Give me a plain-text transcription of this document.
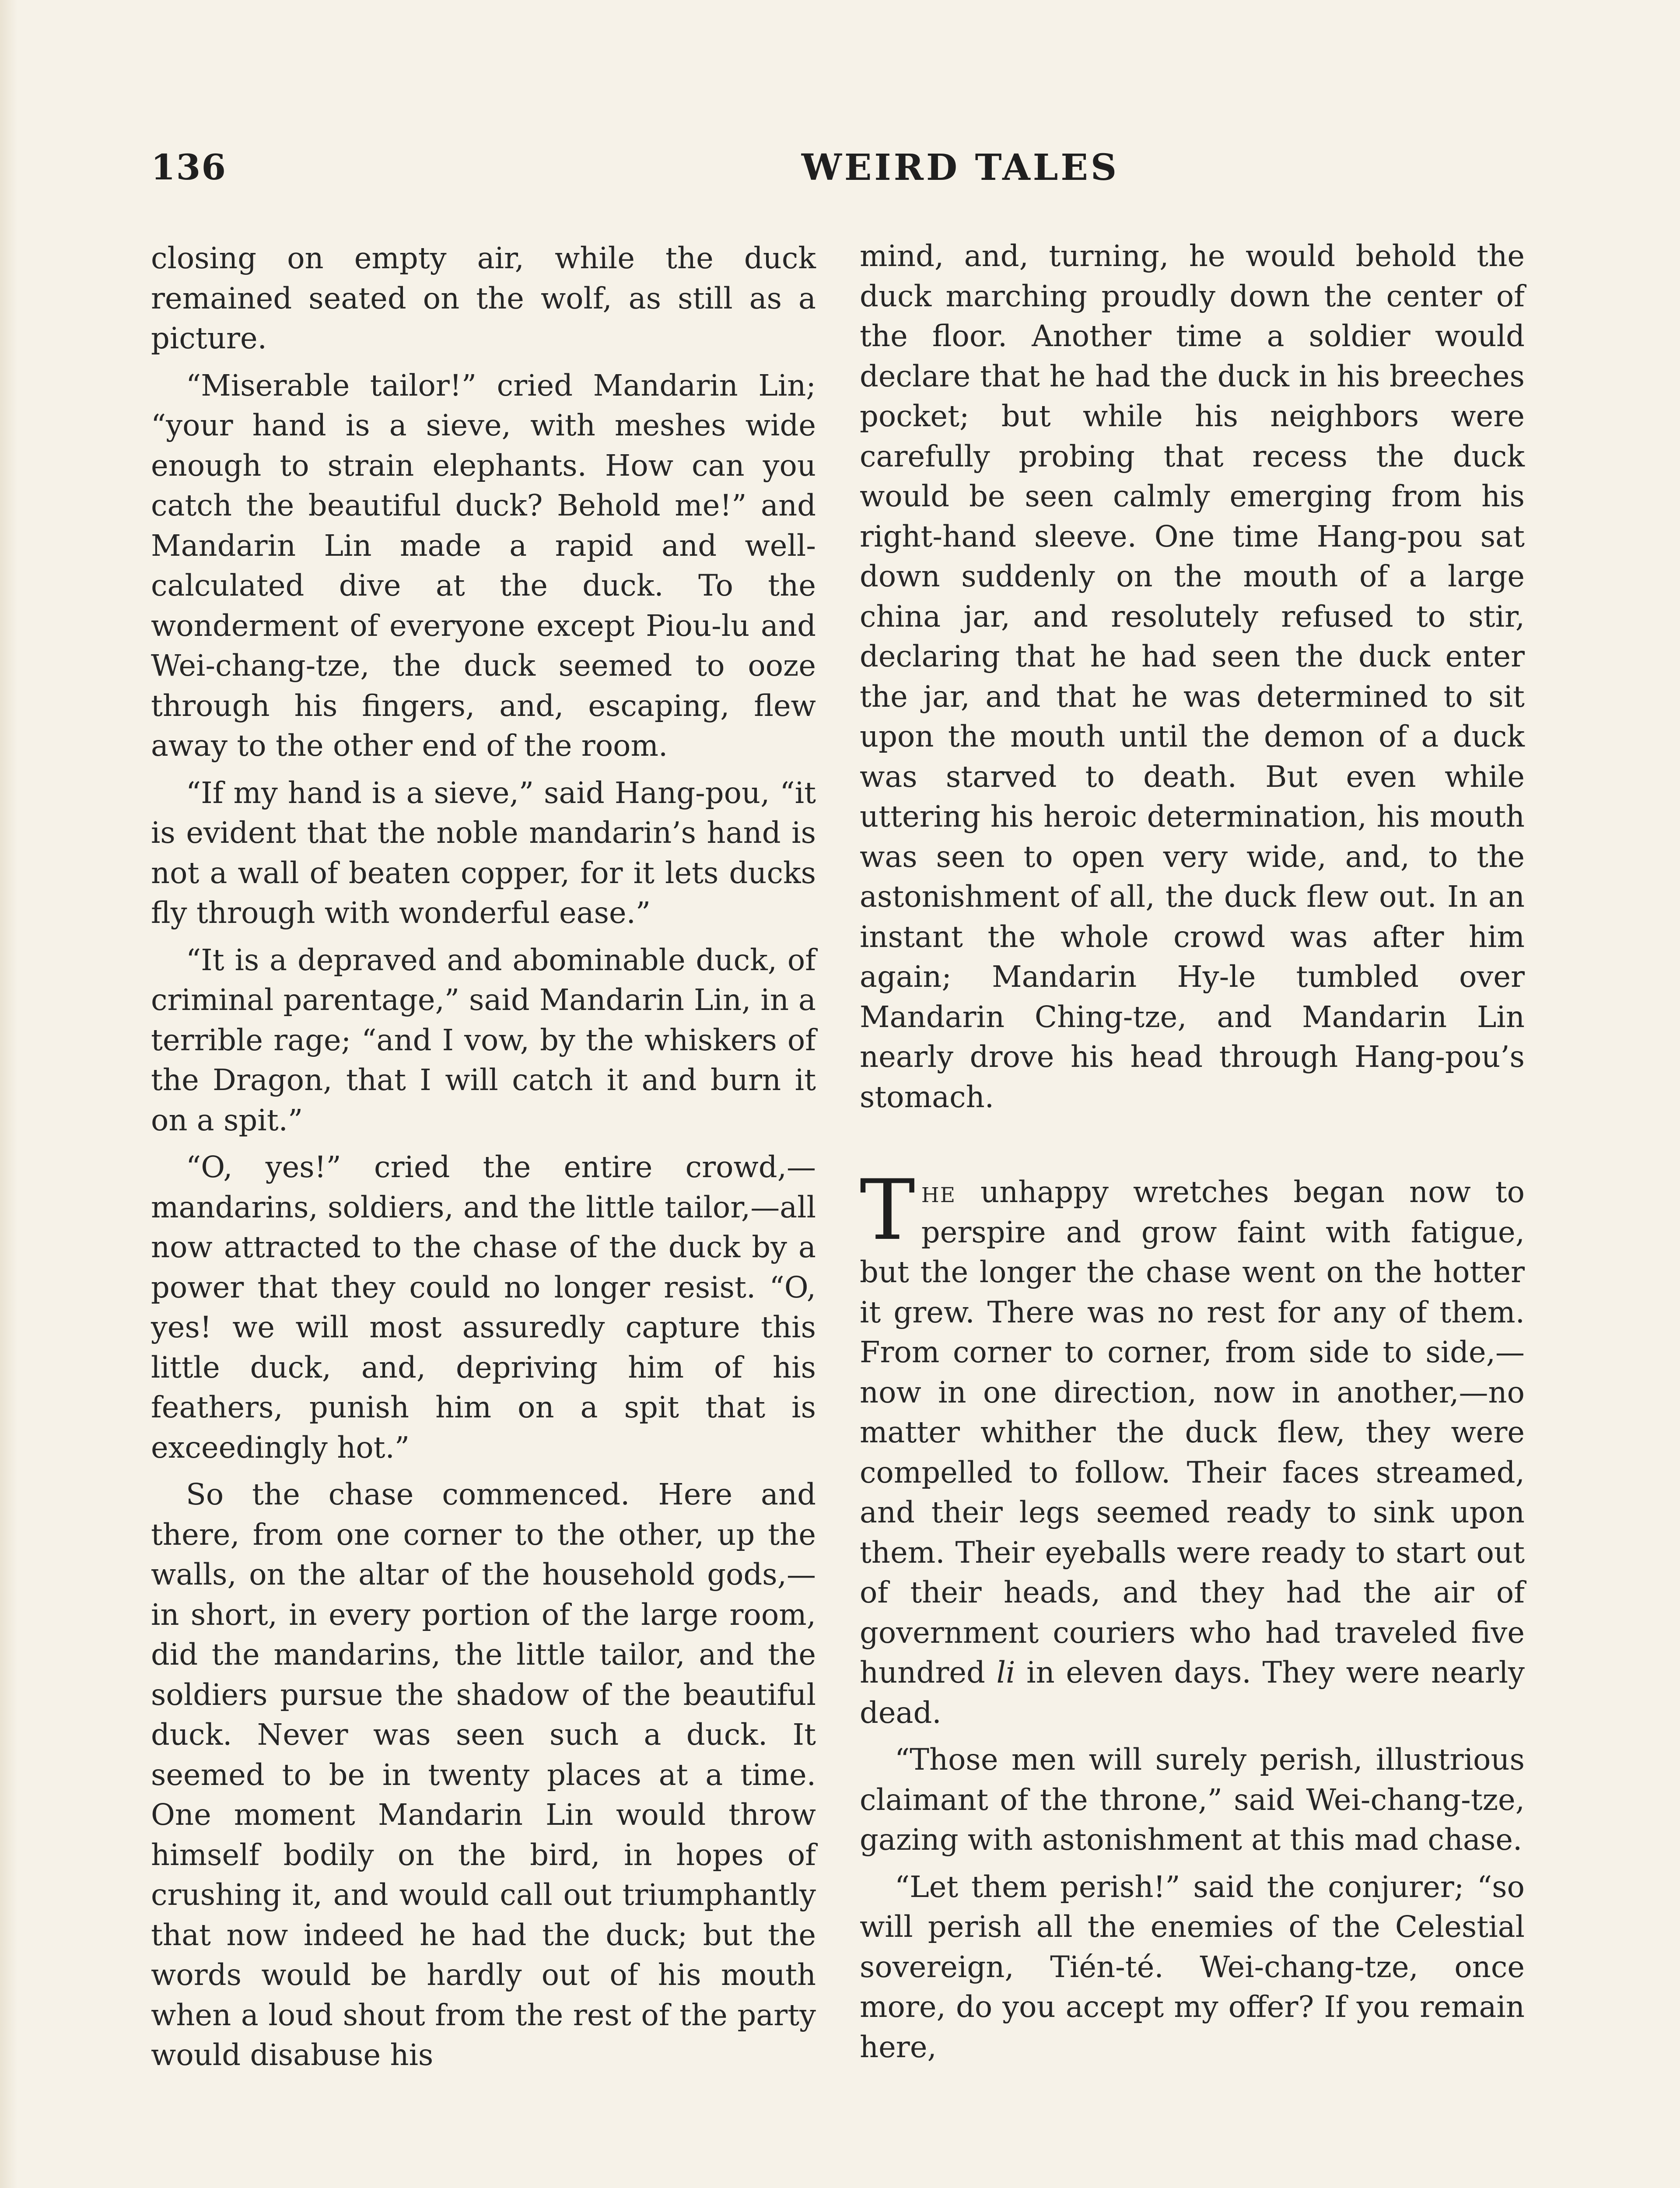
136	WEIRD TALES

closing on empty air, while the duck remained seated on the wolf, as still as a picture.

“Miserable tailor!” cried Mandarin Lin; “your hand is a sieve, with meshes wide enough to strain elephants. How can you catch the beautiful duck? Behold me!” and Mandarin Lin made a rapid and well-calculated dive at the duck. To the wonderment of everyone except Piou-lu and Wei-chang-tze, the duck seemed to ooze through his fingers, and, escaping, flew away to the other end of the room.

“If my hand is a sieve,” said Hang-pou, “it is evident that the noble mandarin’s hand is not a wall of beaten copper, for it lets ducks fly through with wonderful ease.”

“It is a depraved and abominable duck, of criminal parentage,” said Mandarin Lin, in a terrible rage; “and I vow, by the whiskers of the Dragon, that I will catch it and burn it on a spit.”

“O, yes!” cried the entire crowd,—mandarins, soldiers, and the little tailor,—all now attracted to the chase of the duck by a power that they could no longer resist. “O, yes! we will most assuredly capture this little duck, and, depriving him of his feathers, punish him on a spit that is exceedingly hot.”

So the chase commenced. Here and there, from one corner to the other, up the walls, on the altar of the household gods,—in short, in every portion of the large room, did the mandarins, the little tailor, and the soldiers pursue the shadow of the beautiful duck. Never was seen such a duck. It seemed to be in twenty places at a time. One moment Mandarin Lin would throw himself bodily on the bird, in hopes of crushing it, and would call out triumphantly that now indeed he had the duck; but the words would be hardly out of his mouth when a loud shout from the rest of the party would disabuse his

mind, and, turning, he would behold the duck marching proudly down the center of the floor. Another time a soldier would declare that he had the duck in his breeches pocket; but while his neighbors were carefully probing that recess the duck would be seen calmly emerging from his right-hand sleeve. One time Hang-pou sat down suddenly on the mouth of a large china jar, and resolutely refused to stir, declaring that he had seen the duck enter the jar, and that he was determined to sit upon the mouth until the demon of a duck was starved to death. But even while uttering his heroic determination, his mouth was seen to open very wide, and, to the astonishment of all, the duck flew out. In an instant the whole crowd was after him again; Mandarin Hy-le tumbled over Mandarin Ching-tze, and Mandarin Lin nearly drove his head through Hang-pou’s stomach.

The unhappy wretches began now to perspire and grow faint with fatigue, but the longer the chase went on the hotter it grew. There was no rest for any of them. From corner to corner, from side to side,—now in one direction, now in another,—no matter whither the duck flew, they were compelled to follow. Their faces streamed, and their legs seemed ready to sink upon them. Their eyeballs were ready to start out of their heads, and they had the air of government couriers who had traveled five hundred li in eleven days. They were nearly dead.

“Those men will surely perish, illustrious claimant of the throne,” said Wei-chang-tze, gazing with astonishment at this mad chase.

“Let them perish!” said the conjurer; “so will perish all the enemies of the Celestial sovereign, Tién-té. Wei-chang-tze, once more, do you accept my offer? If you remain here,
